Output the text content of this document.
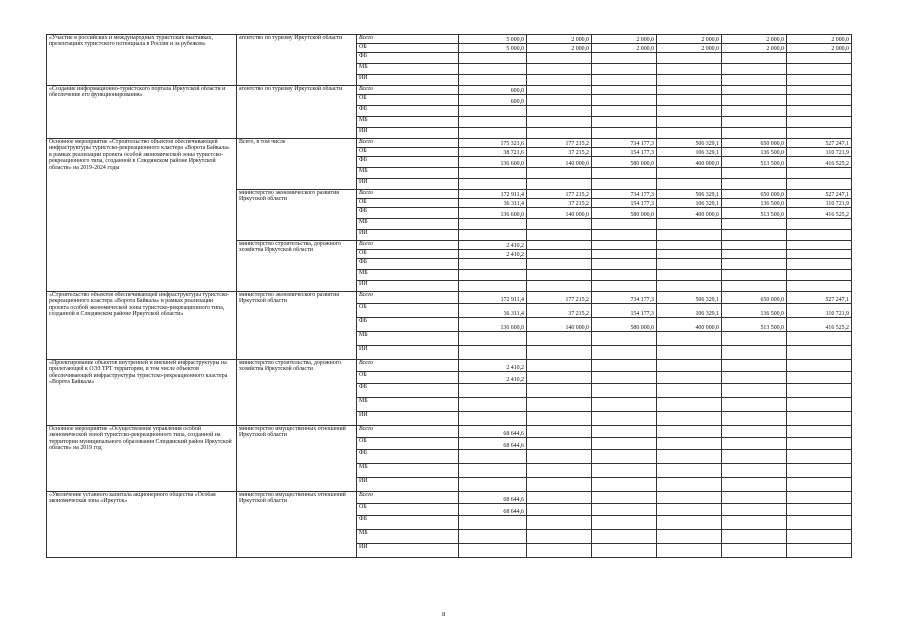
«Участие в российских и международных туристских выставках, презентациях туристского потенциала в России и за рубежом»	агентство по туризму Иркутской области	Всего	5 000,0	2 000,0	2 000,0	2 000,0	2 000,0	2 000,0
		ОБ	5 000,0	2 000,0	2 000,0	2 000,0	2 000,0	2 000,0
		ФБ						
		МБ						
		ИИ						
«Создание информационно-туристского портала Иркутской области и обеспечение его функционирования»	агентство по туризму Иркутской области	Всего	600,0					
		ОБ	600,0					
		ФБ						
		МБ						
		ИИ						
Основное мероприятие «Строительство объектов обеспечивающей инфраструктуры туристско-рекреационного кластера «Ворота Байкала» в рамках реализации проекта особой экономической зоны туристско-рекреационного типа, созданной в Слюдянском районе Иркутской области» на 2019-2024 годы	Всего, в том числе	Всего	175 321,6	177 215,2	734 177,3	506 329,1	650 000,0	527 247,1
		ОБ	38 721,6	37 215,2	154 177,3	106 329,1	136 500,0	110 721,9
		ФБ	136 600,0	140 000,0	580 000,0	400 000,0	513 500,0	416 525,2
		МБ						
		ИИ						
	министерство экономического развития Иркутской области	Всего	172 911,4	177 215,2	734 177,3	506 329,1	650 000,0	527 247,1
		ОБ	36 311,4	37 215,2	154 177,3	106 329,1	136 500,0	110 721,9
		ФБ	136 600,0	140 000,0	580 000,0	400 000,0	513 500,0	416 525,2
		МБ						
		ИИ						
	министерство строительства, дорожного хозяйства Иркутской области	Всего	2 410,2					
		ОБ	2 410,2					
		ФБ						
		МБ						
		ИИ						
«Строительство объектов обеспечивающей инфраструктуры туристско-рекреационного кластера «Ворота Байкала» в рамках реализации проекта особой экономической зоны туристско-рекреационного типа, созданной в Слюдянском районе Иркутской области»	министерство экономического развития Иркутской области	Всего	172 911,4	177 215,2	734 177,3	506 329,1	650 000,0	527 247,1
		ОБ	36 311,4	37 215,2	154 177,3	106 329,1	136 500,0	110 721,9
		ФБ	136 600,0	140 000,0	580 000,0	400 000,0	513 500,0	416 525,2
		МБ						
		ИИ						
«Проектирование объектов внутренней и внешней инфраструктуры на прилегающей к ОЭЗ ТРТ территории, в том числе объектов обеспечивающей инфраструктуры туристско-рекреационного кластера «Ворота Байкала»	министерство строительства, дорожного хозяйства Иркутской области	Всего	2 410,2					
		ОБ	2 410,2					
		ФБ						
		МБ						
		ИИ						
Основное мероприятие «Осуществление управления особой экономической зоной туристско-рекреационного типа, созданной на территории муниципального образования Слюдянский район Иркутской области» на 2019 год	министерство имущественных отношений Иркутской области	Всего	68 644,6					
		ОБ	68 644,6					
		ФБ						
		МБ						
		ИИ						
«Увеличение уставного капитала акционерного общества «Особая экономическая зона «Иркутск»	министерство имущественных отношений Иркутской области	Всего	68 644,6					
		ОБ	68 644,6					
		ФБ						
		МБ						
		ИИ						
8
